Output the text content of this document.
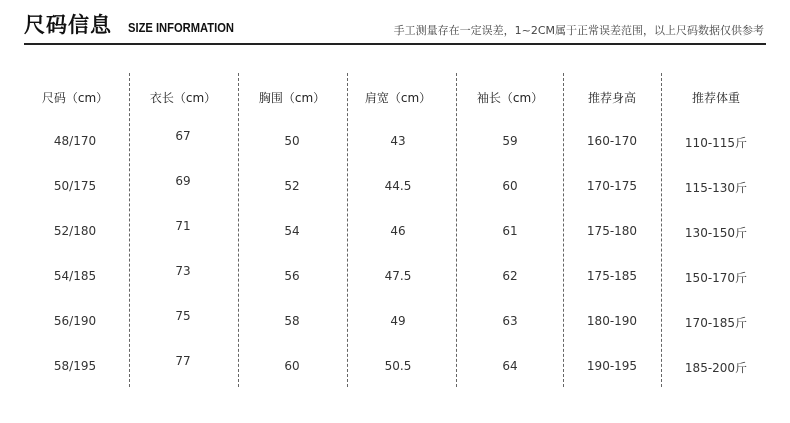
尺码信息 SIZE INFORMATION	手工测量存在一定误差，1~2CM属于正常误差范围，以上尺码数据仅供参考
尺码（cm）	衣长（cm）	胸围（cm）	肩宽（cm）	袖长（cm）	推荐身高	推荐体重
48/170	67	50	43	59	160-170	110-115斤
50/175	69	52	44.5	60	170-175	115-130斤
52/180	71	54	46	61	175-180	130-150斤
54/185	73	56	47.5	62	175-185	150-170斤
56/190	75	58	49	63	180-190	170-185斤
58/195	77	60	50.5	64	190-195	185-200斤
